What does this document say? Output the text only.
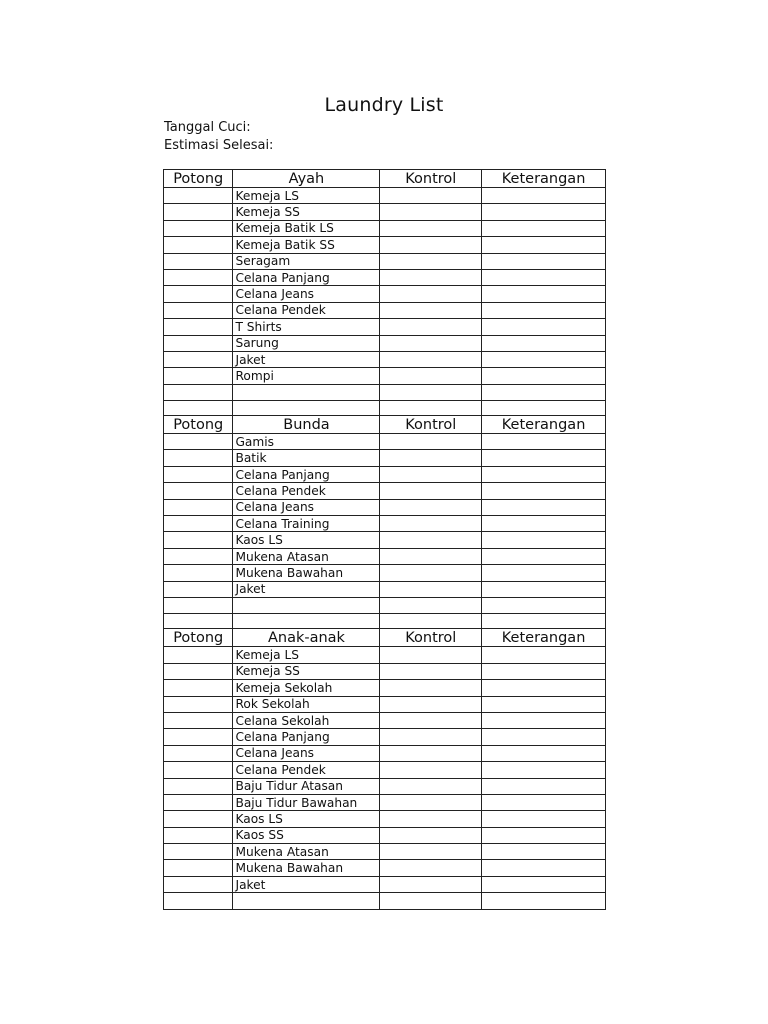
Laundry List
Tanggal Cuci:
Estimasi Selesai:
Potong	Ayah	Kontrol	Keterangan
	Kemeja LS		
	Kemeja SS		
	Kemeja Batik LS		
	Kemeja Batik SS		
	Seragam		
	Celana Panjang		
	Celana Jeans		
	Celana Pendek		
	T Shirts		
	Sarung		
	Jaket		
	Rompi		

Potong	Bunda	Kontrol	Keterangan
	Gamis		
	Batik		
	Celana Panjang		
	Celana Pendek		
	Celana Jeans		
	Celana Training		
	Kaos LS		
	Mukena Atasan		
	Mukena Bawahan		
	Jaket		

Potong	Anak-anak	Kontrol	Keterangan
	Kemeja LS		
	Kemeja SS		
	Kemeja Sekolah		
	Rok Sekolah		
	Celana Sekolah		
	Celana Panjang		
	Celana Jeans		
	Celana Pendek		
	Baju Tidur Atasan		
	Baju Tidur Bawahan		
	Kaos LS		
	Kaos SS		
	Mukena Atasan		
	Mukena Bawahan		
	Jaket		
